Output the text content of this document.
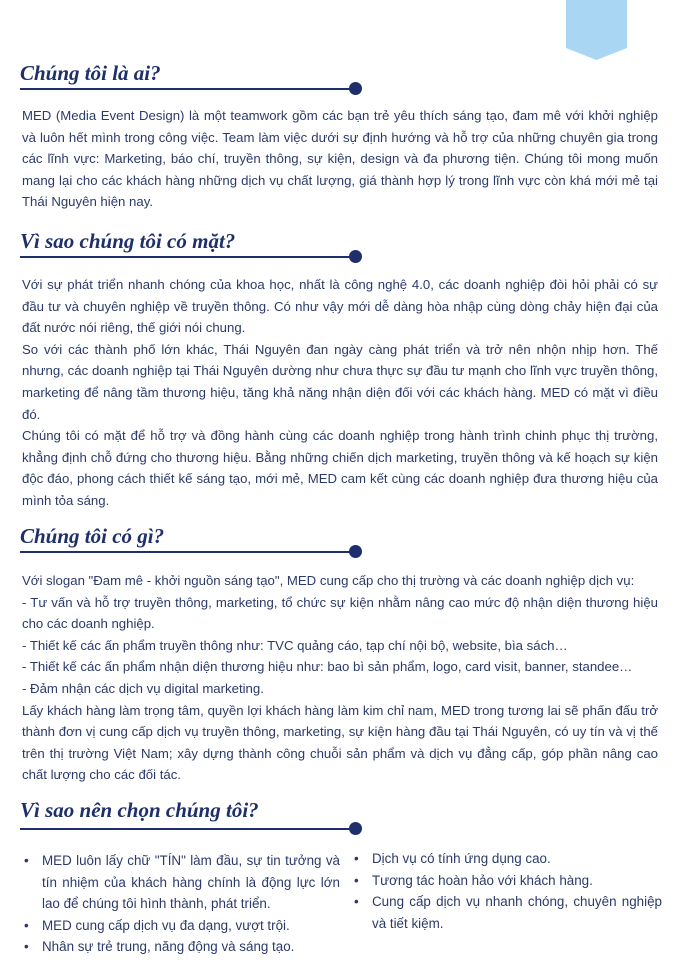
Chúng tôi là ai?

MED (Media Event Design) là một teamwork gồm các bạn trẻ yêu thích sáng tạo, đam mê với khởi nghiệp và luôn hết mình trong công việc. Team làm việc dưới sự định hướng và hỗ trợ của những chuyên gia trong các lĩnh vực: Marketing, báo chí, truyền thông, sự kiện, design và đa phương tiện. Chúng tôi mong muốn mang lại cho các khách hàng những dịch vụ chất lượng, giá thành hợp lý trong lĩnh vực còn khá mới mẻ tại Thái Nguyên hiện nay.

Vì sao chúng tôi có mặt?

Với sự phát triển nhanh chóng của khoa học, nhất là công nghệ 4.0, các doanh nghiệp đòi hỏi phải có sự đầu tư và chuyên nghiệp về truyền thông. Có như vậy mới dễ dàng hòa nhập cùng dòng chảy hiện đại của đất nước nói riêng, thế giới nói chung.

So với các thành phố lớn khác, Thái Nguyên đan ngày càng phát triển và trở nên nhộn nhịp hơn. Thế nhưng, các doanh nghiệp tại Thái Nguyên dường như chưa thực sự đầu tư mạnh cho lĩnh vực truyền thông, marketing để nâng tầm thương hiệu, tăng khả năng nhận diện đối với các khách hàng. MED có mặt vì điều đó.

Chúng tôi có mặt để hỗ trợ và đồng hành cùng các doanh nghiệp trong hành trình chinh phục thị trường, khẳng định chỗ đứng cho thương hiệu. Bằng những chiến dịch marketing, truyền thông và kế hoạch sự kiện độc đáo, phong cách thiết kế sáng tạo, mới mẻ, MED cam kết cùng các doanh nghiệp đưa thương hiệu của mình tỏa sáng.

Chúng tôi có gì?

Với slogan "Đam mê - khởi nguồn sáng tạo", MED cung cấp cho thị trường và các doanh nghiệp dịch vụ:

- Tư vấn và hỗ trợ truyền thông, marketing, tổ chức sự kiện nhằm nâng cao mức độ nhận diện thương hiệu cho các doanh nghiệp.

- Thiết kế các ấn phẩm truyền thông như: TVC quảng cáo, tạp chí nội bộ, website, bìa sách…

- Thiết kế các ấn phẩm nhận diện thương hiệu như: bao bì sản phẩm, logo, card visit, banner, standee…

- Đảm nhận các dịch vụ digital marketing.

Lấy khách hàng làm trọng tâm, quyền lợi khách hàng làm kim chỉ nam, MED trong tương lai sẽ phấn đấu trở thành đơn vị cung cấp dịch vụ truyền thông, marketing, sự kiện hàng đầu tại Thái Nguyên, có uy tín và vị thế trên thị trường Việt Nam; xây dựng thành công chuỗi sản phẩm và dịch vụ đẳng cấp, góp phần nâng cao chất lượng cho các đối tác.

Vì sao nên chọn chúng tôi?
• MED luôn lấy chữ "TÍN" làm đầu, sự tin tưởng và tín nhiệm của khách hàng chính là động lực lớn lao để chúng tôi hình thành, phát triển.
• MED cung cấp dịch vụ đa dạng, vượt trội.
• Nhân sự trẻ trung, năng động và sáng tạo.
• Dịch vụ có tính ứng dụng cao.
• Tương tác hoàn hảo với khách hàng.
• Cung cấp dịch vụ nhanh chóng, chuyên nghiệp và tiết kiệm.
